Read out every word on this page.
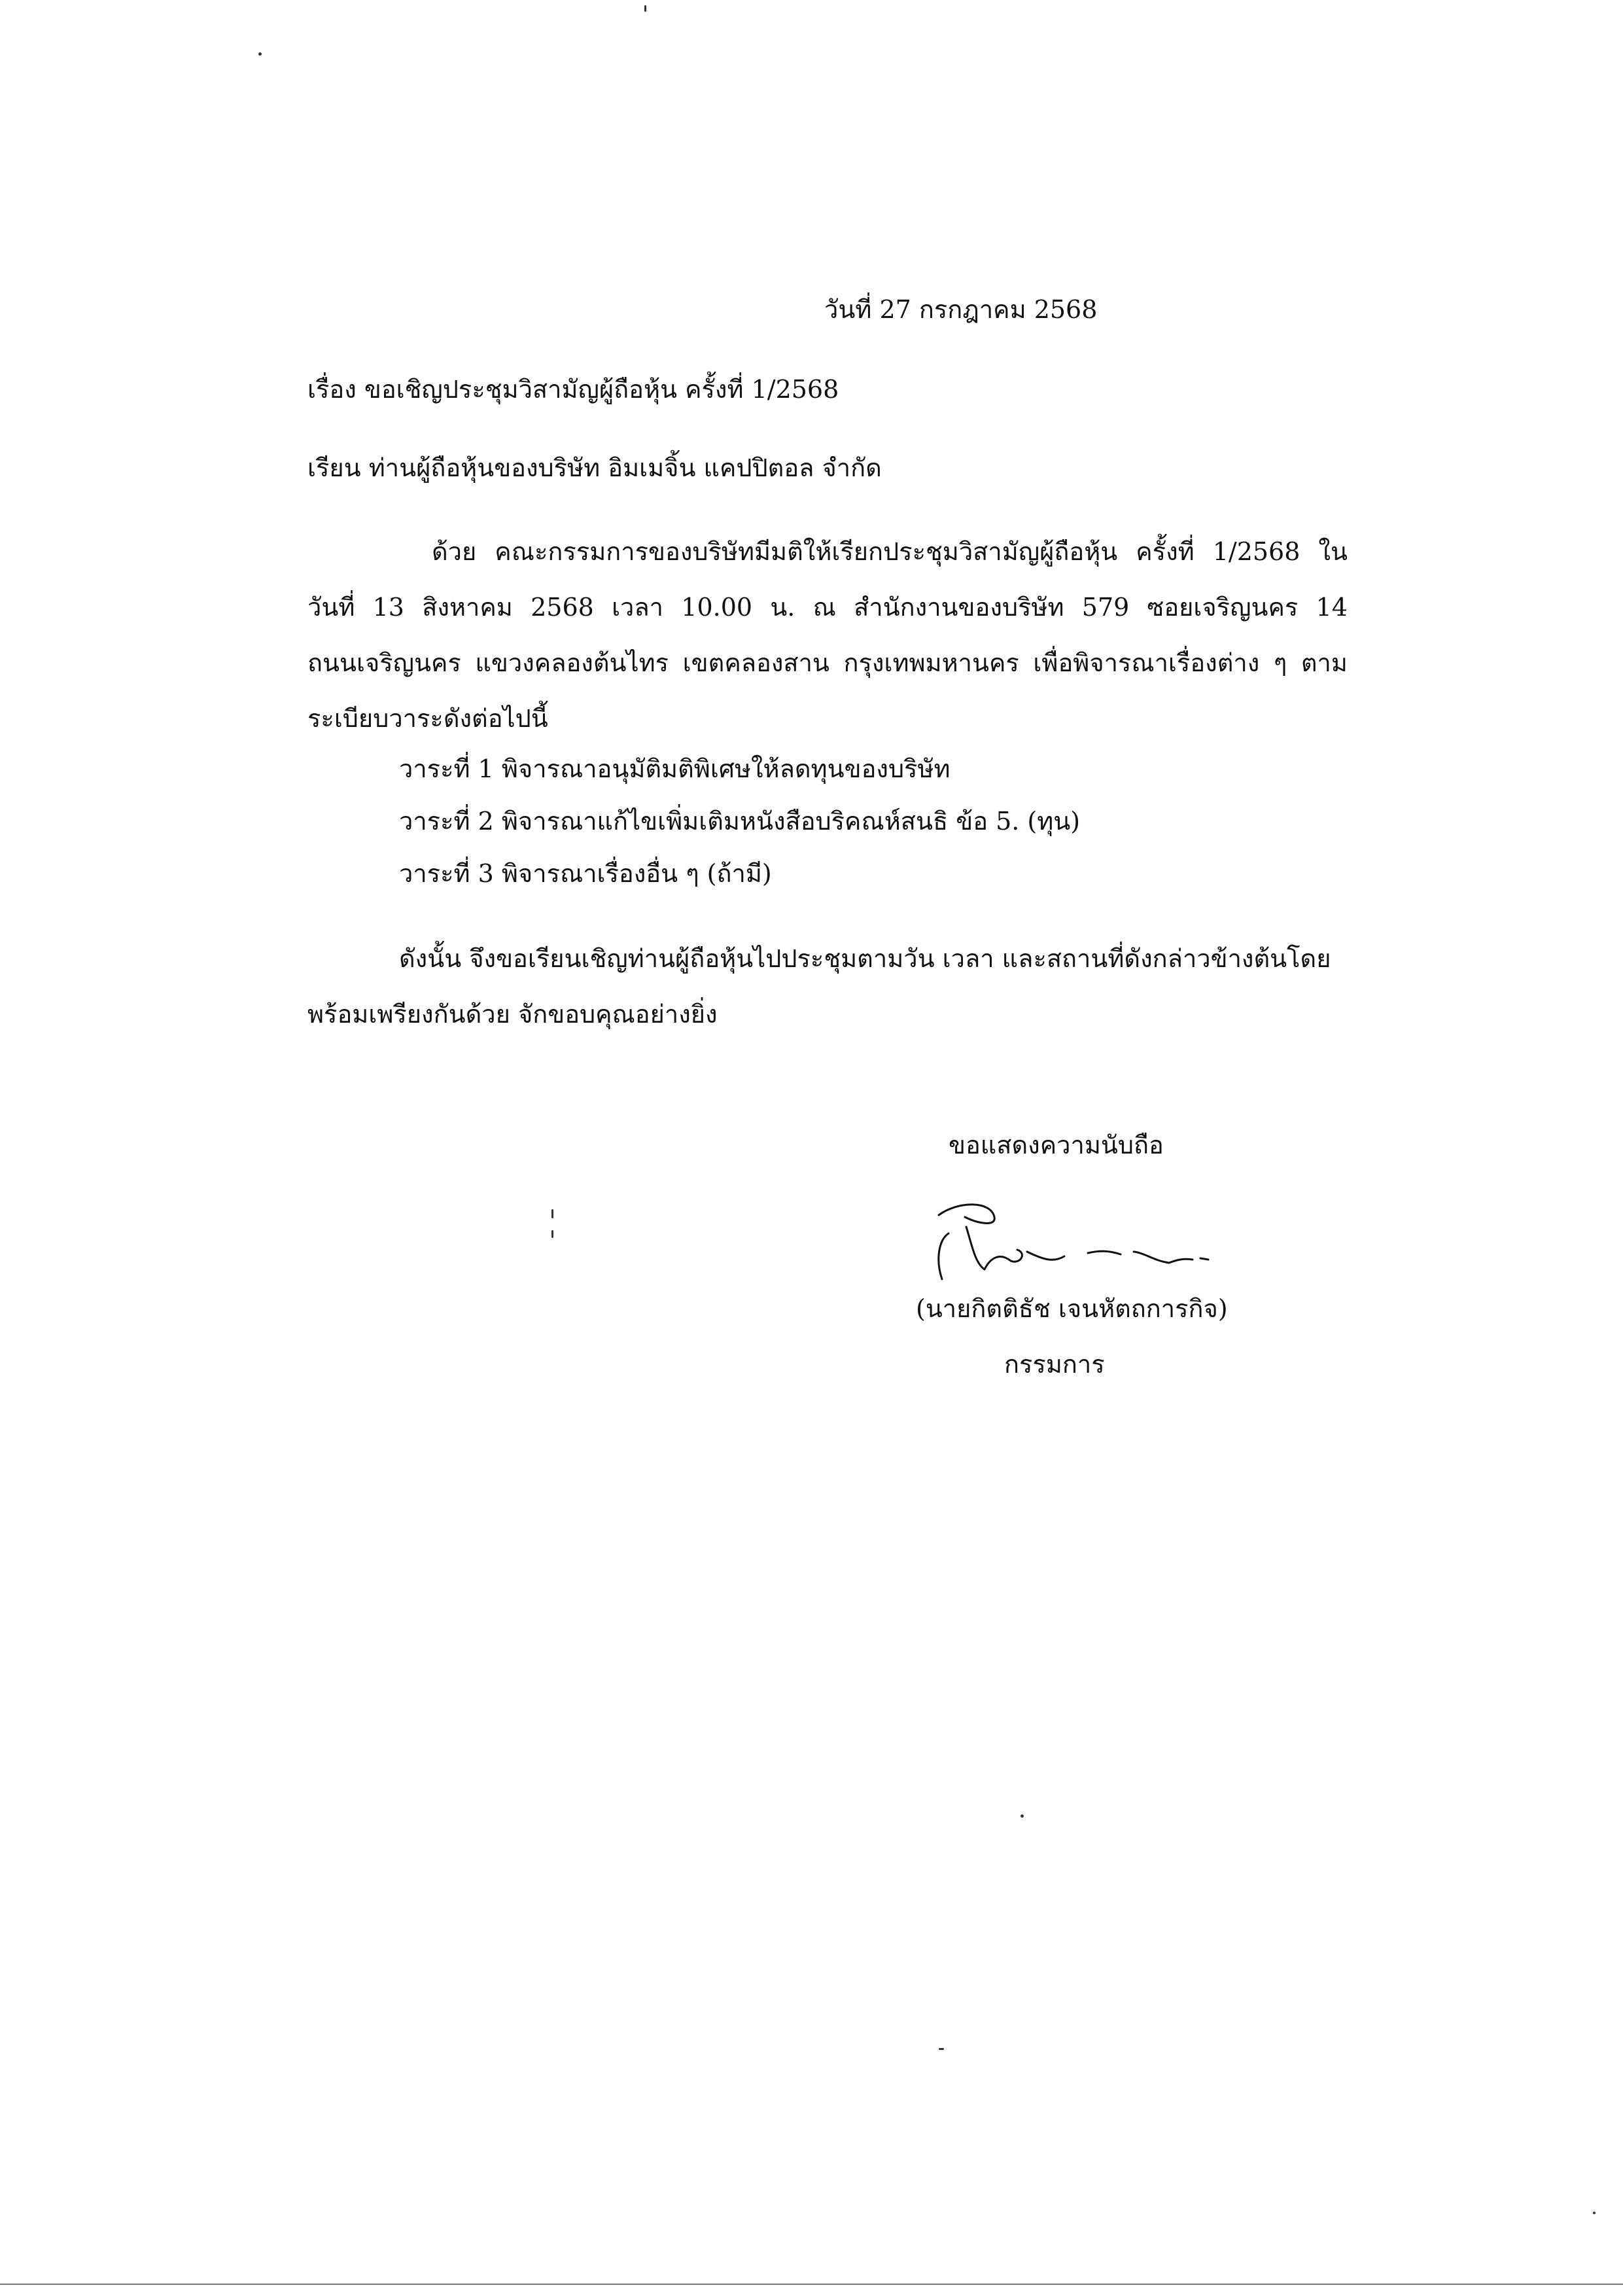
วันที่ 27 กรกฎาคม 2568
เรื่อง ขอเชิญประชุมวิสามัญผู้ถือหุ้น ครั้งที่ 1/2568
เรียน ท่านผู้ถือหุ้นของบริษัท อิมเมจิ้น แคปปิตอล จำกัด
ด้วย คณะกรรมการของบริษัทมีมติให้เรียกประชุมวิสามัญผู้ถือหุ้น ครั้งที่ 1/2568 ใน
วันที่ 13 สิงหาคม 2568 เวลา 10.00 น. ณ สำนักงานของบริษัท 579 ซอยเจริญนคร 14
ถนนเจริญนคร แขวงคลองต้นไทร เขตคลองสาน กรุงเทพมหานคร เพื่อพิจารณาเรื่องต่าง ๆ ตาม
ระเบียบวาระดังต่อไปนี้
วาระที่ 1 พิจารณาอนุมัติมติพิเศษให้ลดทุนของบริษัท
วาระที่ 2 พิจารณาแก้ไขเพิ่มเติมหนังสือบริคณห์สนธิ ข้อ 5. (ทุน)
วาระที่ 3 พิจารณาเรื่องอื่น ๆ (ถ้ามี)
ดังนั้น จึงขอเรียนเชิญท่านผู้ถือหุ้นไปประชุมตามวัน เวลา และสถานที่ดังกล่าวข้างต้นโดย
พร้อมเพรียงกันด้วย จักขอบคุณอย่างยิ่ง
ขอแสดงความนับถือ
(นายกิตติธัช เจนหัตถการกิจ)
กรรมการ
